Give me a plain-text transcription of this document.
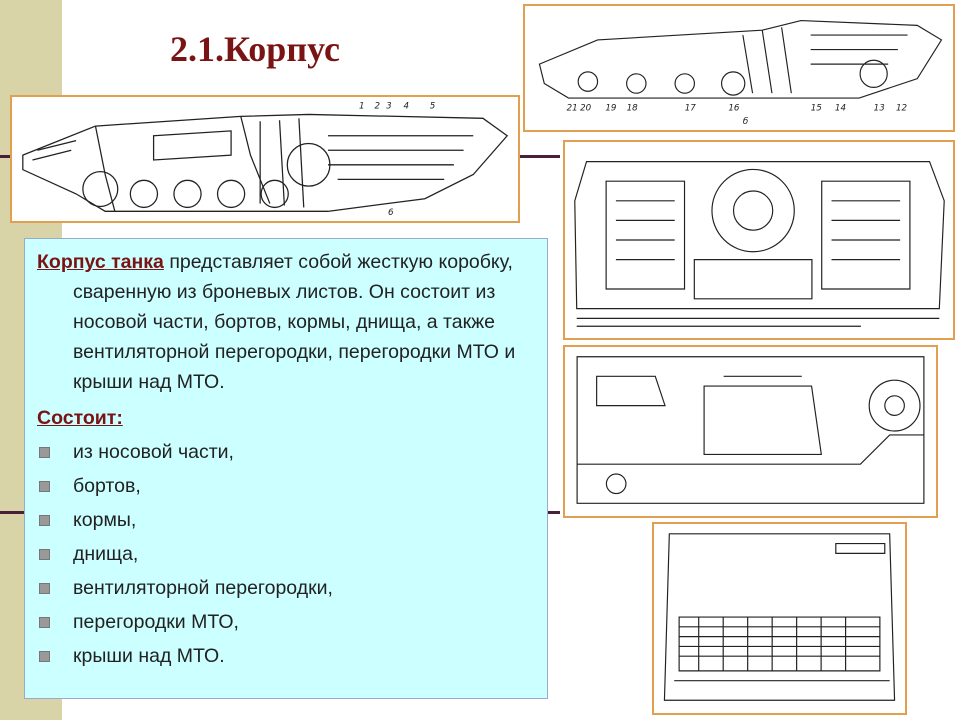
2.1.Корпус
1 2 3 4 5
6
21 20 19 18	17	16	15 14	13 12
б

Корпус танка представляет собой жесткую коробку, сваренную из броневых листов. Он состоит из носовой части, бортов, кормы, днища, а также вентиляторной перегородки, перегородки МТО и крыши над МТО.

Состоит:

из носовой части,
бортов,
кормы,
днища,
вентиляторной перегородки,
перегородки МТО,
крыши над МТО.
